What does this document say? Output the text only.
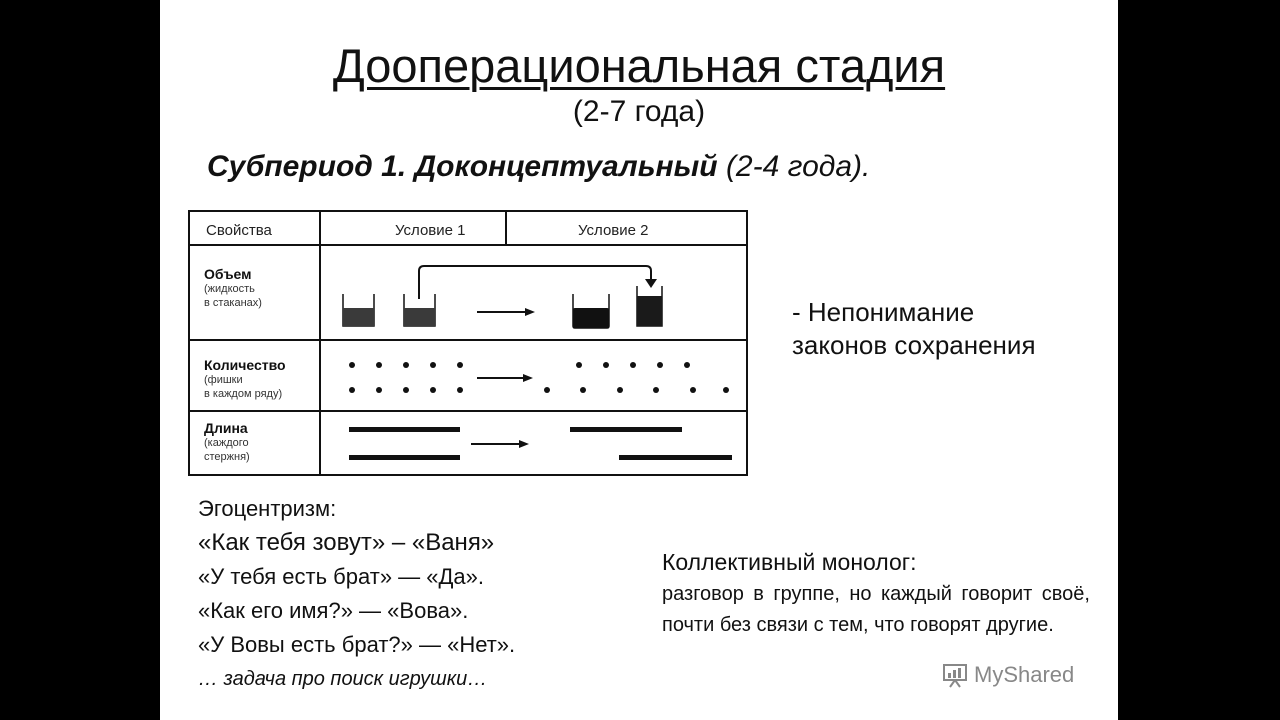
Дооперациональная стадия
(2-7 года)
Субпериод 1. Доконцептуальный (2-4 года).
Свойства	Условие 1	Условие 2
Объем
(жидкость
в стаканах)
Количество
(фишки
в каждом ряду)
Длина
(каждого
стержня)
- Непонимание
законов сохранения
Эгоцентризм:
«Как тебя зовут» – «Ваня»
«У тебя есть брат» — «Да».
«Как его имя?» — «Вова».
«У Вовы есть брат?» — «Нет».
… задача про поиск игрушки…
Коллективный монолог:
разговор в группе, но каждый говорит своё, почти без связи с тем, что говорят другие.
MyShared
